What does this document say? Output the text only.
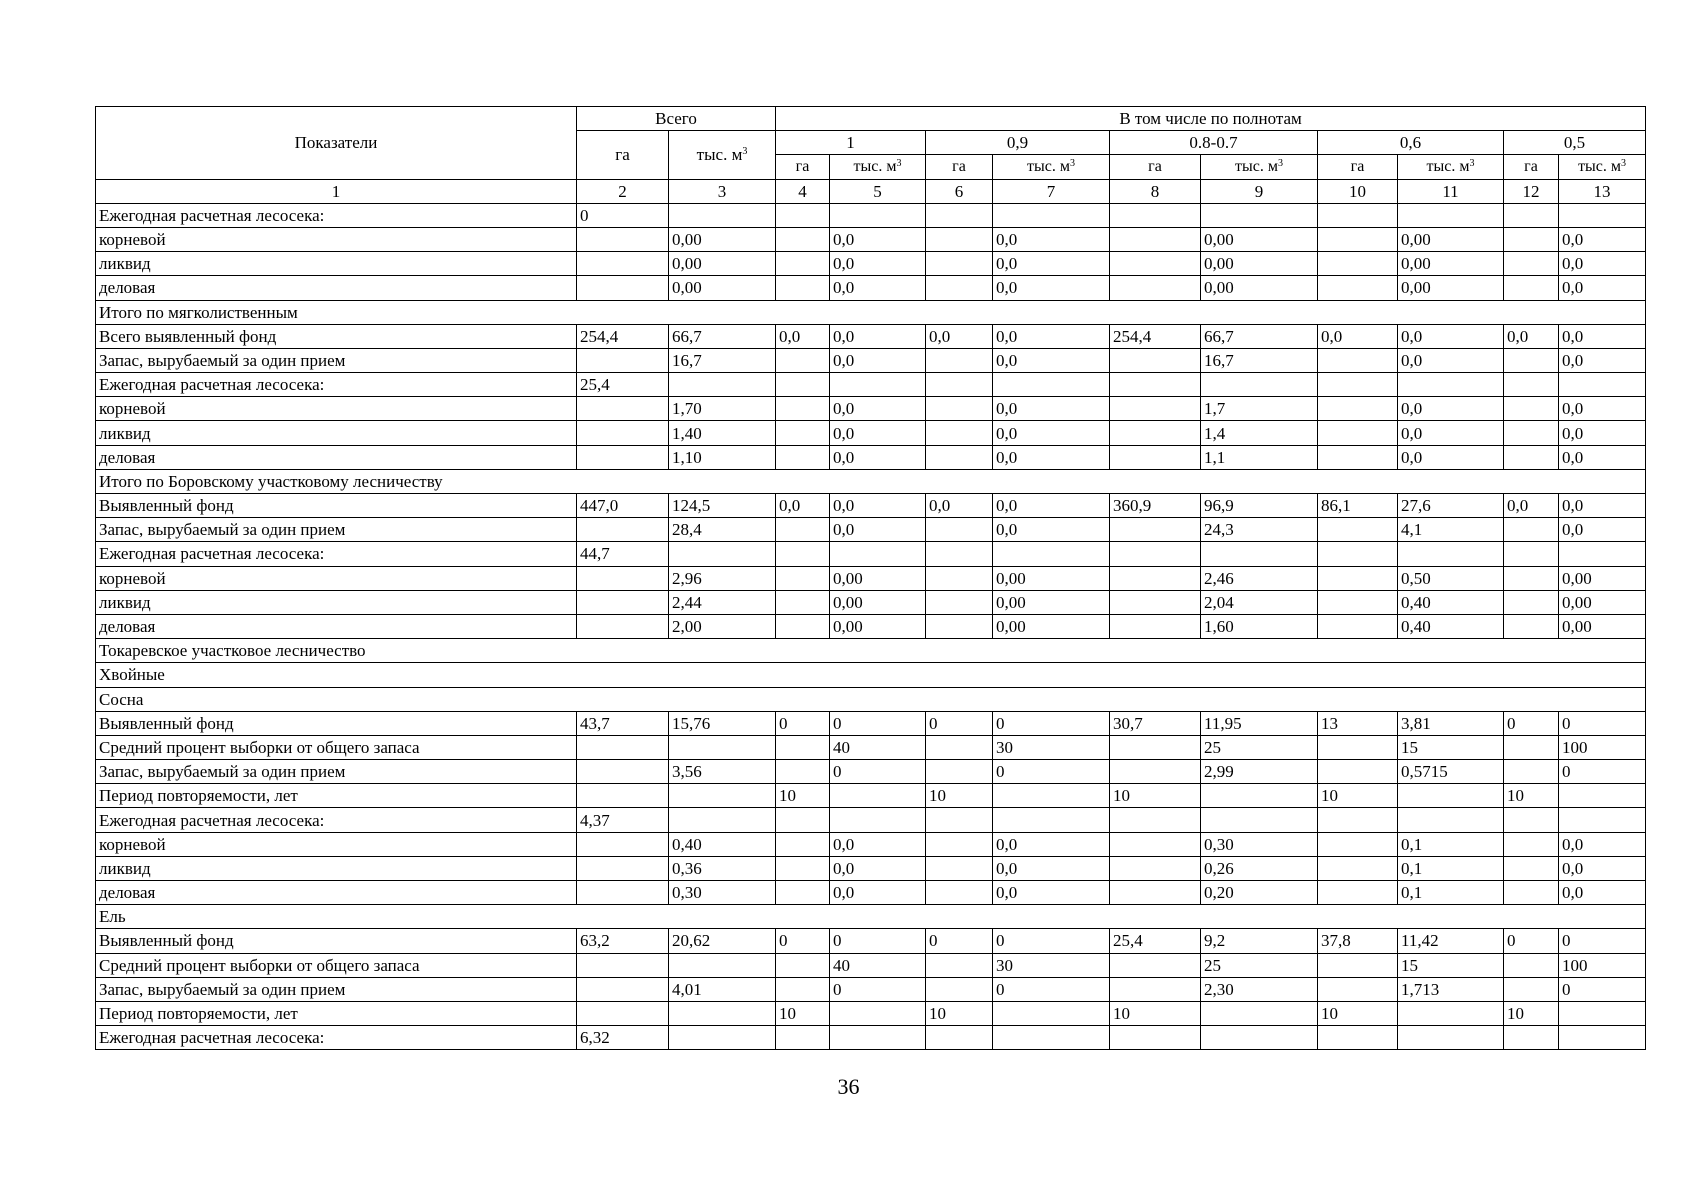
Показатели	Всего		В том числе по полнотам									
	га	тыс. $м^3$	1		0,9		0.8-0.7		0,6		0,5	
			га	тыс. $м^3$	га	тыс. $м^3$	га	тыс. $м^3$	га	тыс. $м^3$	га	тыс. $м^3$
1	2	3	4	5	6	7	8	9	10	11	12	13
Ежегодная расчетная лесосека:	0											
корневой		0,00		0,0		0,0		0,00		0,00		0,0
ликвид		0,00		0,0		0,0		0,00		0,00		0,0
деловая		0,00		0,0		0,0		0,00		0,00		0,0
Итого по мягколиственным												
Всего выявленный фонд	254,4	66,7	0,0	0,0	0,0	0,0	254,4	66,7	0,0	0,0	0,0	0,0
Запас, вырубаемый за один прием		16,7		0,0		0,0		16,7		0,0		0,0
Ежегодная расчетная лесосека:	25,4											
корневой		1,70		0,0		0,0		1,7		0,0		0,0
ликвид		1,40		0,0		0,0		1,4		0,0		0,0
деловая		1,10		0,0		0,0		1,1		0,0		0,0
Итого по Боровскому участковому лесничеству												
Выявленный фонд	447,0	124,5	0,0	0,0	0,0	0,0	360,9	96,9	86,1	27,6	0,0	0,0
Запас, вырубаемый за один прием		28,4		0,0		0,0		24,3		4,1		0,0
Ежегодная расчетная лесосека:	44,7											
корневой		2,96		0,00		0,00		2,46		0,50		0,00
ликвид		2,44		0,00		0,00		2,04		0,40		0,00
деловая		2,00		0,00		0,00		1,60		0,40		0,00
Токаревское участковое лесничество												
Хвойные												
Сосна												
Выявленный фонд	43,7	15,76	0	0	0	0	30,7	11,95	13	3,81	0	0
Средний процент выборки от общего запаса				40		30		25		15		100
Запас, вырубаемый за один прием		3,56		0		0		2,99		0,5715		0
Период повторяемости, лет			10		10		10		10		10	
Ежегодная расчетная лесосека:	4,37											
корневой		0,40		0,0		0,0		0,30		0,1		0,0
ликвид		0,36		0,0		0,0		0,26		0,1		0,0
деловая		0,30		0,0		0,0		0,20		0,1		0,0
Ель												
Выявленный фонд	63,2	20,62	0	0	0	0	25,4	9,2	37,8	11,42	0	0
Средний процент выборки от общего запаса				40		30		25		15		100
Запас, вырубаемый за один прием		4,01		0		0		2,30		1,713		0
Период повторяемости, лет			10		10		10		10		10	
Ежегодная расчетная лесосека:	6,32											
36
